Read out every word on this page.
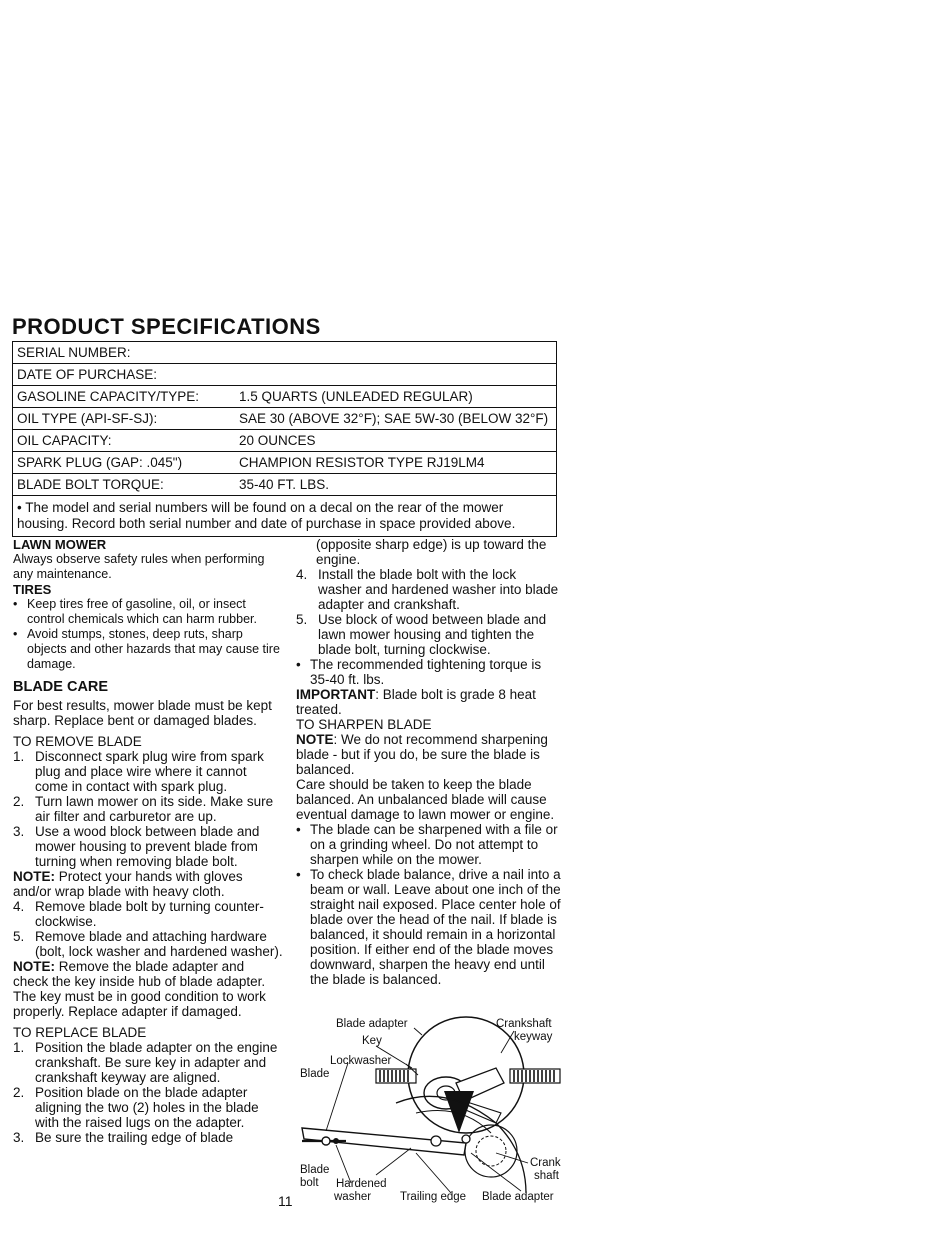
PRODUCT SPECIFICATIONS
SERIAL NUMBER:
DATE OF PURCHASE:
GASOLINE CAPACITY/TYPE:	1.5 QUARTS (UNLEADED REGULAR)
OIL TYPE (API-SF-SJ):	SAE 30 (ABOVE 32°F); SAE 5W-30 (BELOW 32°F)
OIL CAPACITY:	20 OUNCES
SPARK PLUG (GAP: .045")	CHAMPION RESISTOR TYPE RJ19LM4
BLADE BOLT TORQUE:	35-40 FT. LBS.
• The model and serial numbers will be found on a decal on the rear of the mower housing. Record both serial number and date of purchase in space provided above.
LAWN MOWER
Always observe safety rules when performing any maintenance.
TIRES
• Keep tires free of gasoline, oil, or insect control chemicals which can harm rubber.
• Avoid stumps, stones, deep ruts, sharp objects and other hazards that may cause tire damage.
BLADE CARE
For best results, mower blade must be kept sharp. Replace bent or damaged blades.
TO REMOVE BLADE
1. Disconnect spark plug wire from spark plug and place wire where it cannot come in contact with spark plug.
2. Turn lawn mower on its side. Make sure air filter and carburetor are up.
3. Use a wood block between blade and mower housing to prevent blade from turning when removing blade bolt.
NOTE: Protect your hands with gloves and/or wrap blade with heavy cloth.
4. Remove blade bolt by turning counter-clockwise.
5. Remove blade and attaching hardware (bolt, lock washer and hardened washer).
NOTE: Remove the blade adapter and check the key inside hub of blade adapter. The key must be in good condition to work properly. Replace adapter if damaged.
TO REPLACE BLADE
1. Position the blade adapter on the engine crankshaft. Be sure key in adapter and crankshaft keyway are aligned.
2. Position blade on the blade adapter aligning the two (2) holes in the blade with the raised lugs on the adapter.
3. Be sure the trailing edge of blade
(opposite sharp edge) is up toward the engine.
4. Install the blade bolt with the lock washer and hardened washer into blade adapter and crankshaft.
5. Use block of wood between blade and lawn mower housing and tighten the blade bolt, turning clockwise.
• The recommended tightening torque is 35-40 ft. lbs.
IMPORTANT: Blade bolt is grade 8 heat treated.
TO SHARPEN BLADE
NOTE: We do not recommend sharpening blade - but if you do, be sure the blade is balanced.
Care should be taken to keep the blade balanced. An unbalanced blade will cause eventual damage to lawn mower or engine.
• The blade can be sharpened with a file or on a grinding wheel. Do not attempt to sharpen while on the mower.
• To check blade balance, drive a nail into a beam or wall. Leave about one inch of the straight nail exposed. Place center hole of blade over the head of the nail. If blade is balanced, it should remain in a horizontal position. If either end of the blade moves downward, sharpen the heavy end until the blade is balanced.
Blade adapter	Crankshaft
keyway
Key
Lockwasher
Blade
Crank
shaft
Blade
bolt Hardened
washer	Trailing edge Blade adapter
11
